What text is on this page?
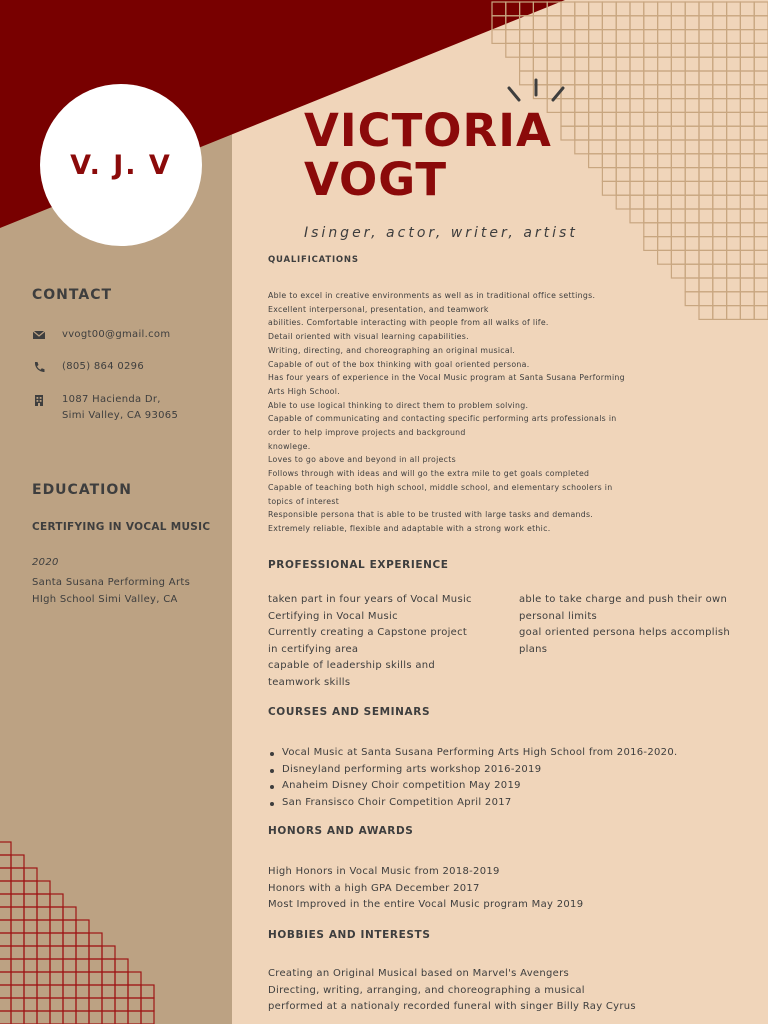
V. J. V
VICTORIA
VOGT
Isinger, actor, writer, artist
CONTACT
vvogt00@gmail.com
(805) 864 0296
1087 Hacienda Dr,
Simi Valley, CA 93065
EDUCATION
CERTIFYING IN VOCAL MUSIC
2020
Santa Susana Performing Arts
HIgh School Simi Valley, CA
QUALIFICATIONS
Able to excel in creative environments as well as in traditional office settings.
Excellent interpersonal, presentation, and teamwork
abilities. Comfortable interacting with people from all walks of life.
Detail oriented with visual learning capabilities.
Writing, directing, and choreographing an original musical.
Capable of out of the box thinking with goal oriented persona.
Has four years of experience in the Vocal Music program at Santa Susana Performing
Arts High School.
Able to use logical thinking to direct them to problem solving.
Capable of communicating and contacting specific performing arts professionals in
order to help improve projects and background
knowlege.
Loves to go above and beyond in all projects
Follows through with ideas and will go the extra mile to get goals completed
Capable of teaching both high school, middle school, and elementary schoolers in
topics of interest
Responsible persona that is able to be trusted with large tasks and demands.
Extremely reliable, flexible and adaptable with a strong work ethic.
PROFESSIONAL EXPERIENCE
taken part in four years of Vocal Music
Certifying in Vocal Music
Currently creating a Capstone project
in certifying area
capable of leadership skills and
teamwork skills
able to take charge and push their own
personal limits
goal oriented persona helps accomplish
plans
COURSES AND SEMINARS
Vocal Music at Santa Susana Performing Arts High School from 2016-2020.
Disneyland performing arts workshop 2016-2019
Anaheim Disney Choir competition May 2019
San Fransisco Choir Competition April 2017
HONORS AND AWARDS
High Honors in Vocal Music from 2018-2019
Honors with a high GPA December 2017
Most Improved in the entire Vocal Music program May 2019
HOBBIES AND INTERESTS
Creating an Original Musical based on Marvel's Avengers
Directing, writing, arranging, and choreographing a musical
performed at a nationaly recorded funeral with singer Billy Ray Cyrus
